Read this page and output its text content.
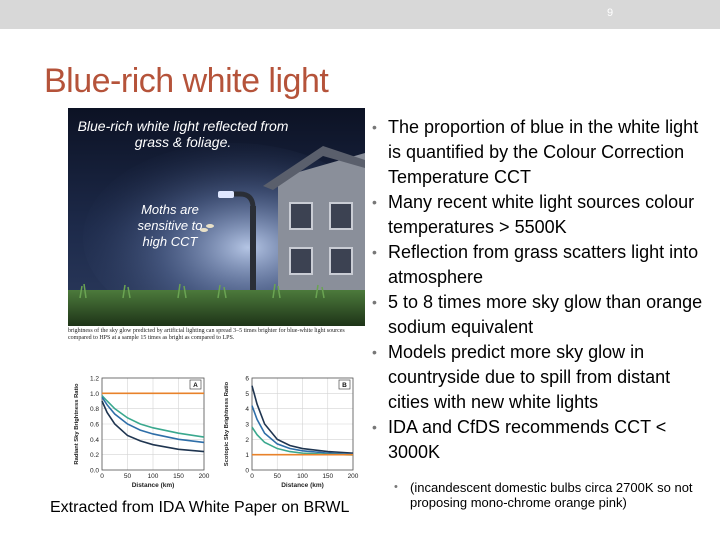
9
Blue-rich white light
Blue-rich white light reflected from grass & foliage.
Moths are sensitive to high CCT
brightness of the sky glow predicted by artificial lighting can spread 3–5 times brighter for blue-white light sources compared to HPS at a sample 15 times as bright as compared to LPS.
0.0
0.2
0.4
0.6
0.8
1.0
1.2
0	50	100 150 200
Distance (km)
Radiant Sky Brightness Ratio	A
0
1
2
3
4
5
6
0	50 100 150 200
Distance (km)
Scotopic Sky Brightness Ratio	B
• The proportion of blue in the white light is quantified by the Colour Correction Temperature CCT
• Many recent white light sources colour temperatures > 5500K
• Reflection from grass scatters light into atmosphere
• 5 to 8 times more sky glow than orange sodium equivalent
• Models predict more sky glow in countryside due to spill from distant cities with new white lights
• IDA and CfDS recommends CCT < 3000K
• (incandescent domestic bulbs circa 2700K so not proposing mono-chrome orange pink)
Extracted from IDA White Paper on BRWL
